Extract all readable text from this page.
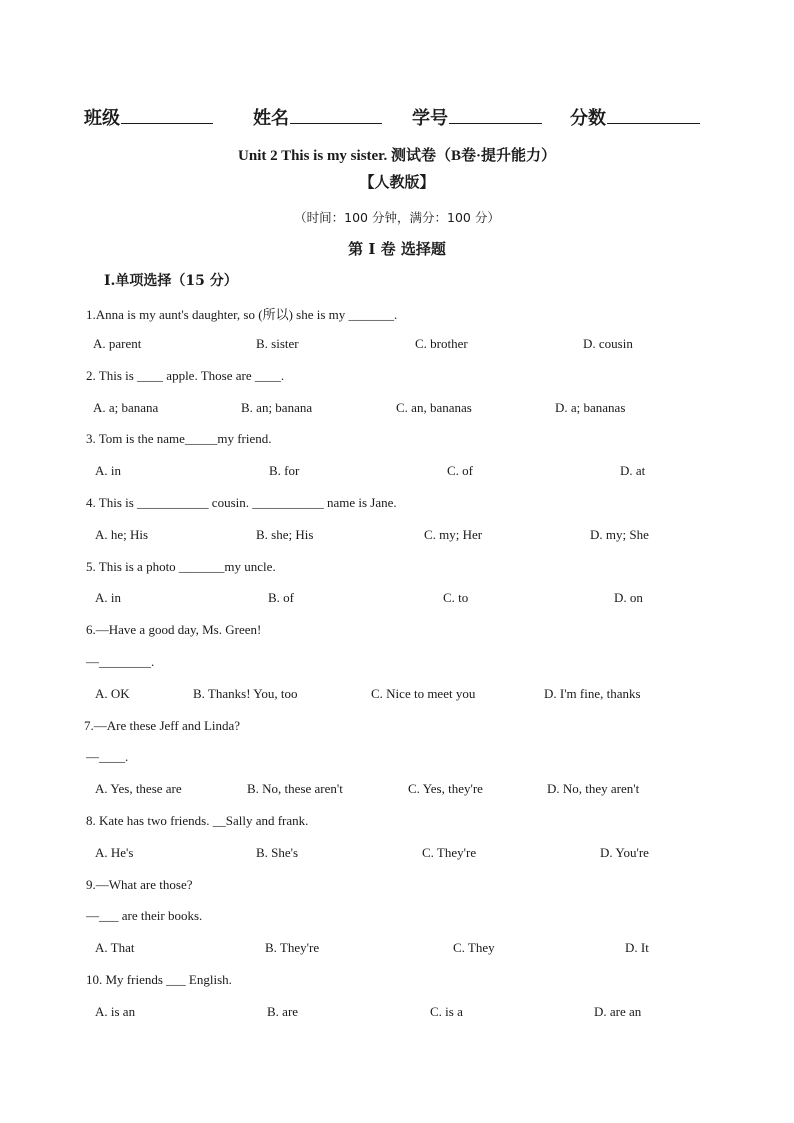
班级	姓名	学号	分数
Unit 2 This is my sister. 测试卷（B卷·提升能力）
【人教版】
（时间：100 分钟，满分：100 分）
第 I 卷 选择题
I.单项选择（15 分）
1.Anna is my aunt's daughter, so (所以) she is my _______.
A. parent	B. sister	C. brother	D. cousin
2. This is ____ apple. Those are ____.
A. a; banana	B. an; banana	C. an, bananas	D. a; bananas
3. Tom is the name_____my friend.
A. in	B. for	C. of	D. at
4. This is ___________ cousin. ___________ name is Jane.
A. he; His	B. she; His	C. my; Her	D. my; She
5. This is a photo _______my uncle.
A. in	B. of	C. to	D. on
6.—Have a good day, Ms. Green!
—________.
A. OK	B. Thanks! You, too	C. Nice to meet you	D. I'm fine, thanks
7.—Are these Jeff and Linda?
—____.
A. Yes, these are	B. No, these aren't	C. Yes, they're	D. No, they aren't
8. Kate has two friends. __Sally and frank.
A. He's	B. She's	C. They're	D. You're
9.—What are those?
—___ are their books.
A. That	B. They're	C. They	D. It
10. My friends ___ English.
A. is an	B. are	C. is a	D. are an
